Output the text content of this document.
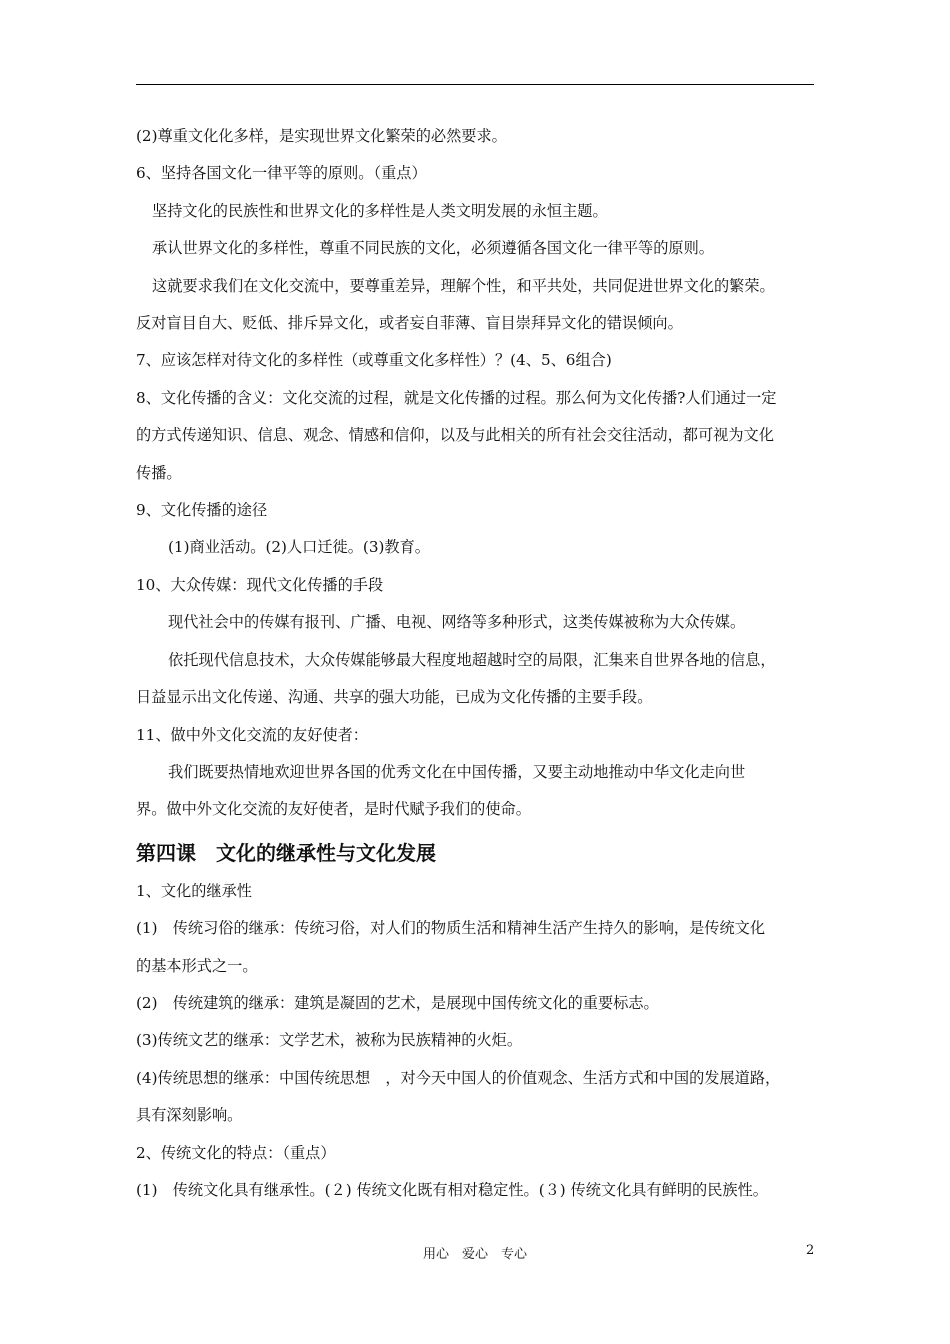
(2)尊重文化化多样，是实现世界文化繁荣的必然要求。

6、坚持各国文化一律平等的原则。（重点）

坚持文化的民族性和世界文化的多样性是人类文明发展的永恒主题。

承认世界文化的多样性，尊重不同民族的文化，必须遵循各国文化一律平等的原则。

这就要求我们在文化交流中，要尊重差异，理解个性，和平共处，共同促进世界文化的繁荣。

反对盲目自大、贬低、排斥异文化，或者妄自菲薄、盲目崇拜异文化的错误倾向。

7、应该怎样对待文化的多样性（或尊重文化多样性）？(4、5、6组合)

8、文化传播的含义：文化交流的过程，就是文化传播的过程。那么何为文化传播?人们通过一定

的方式传递知识、信息、观念、情感和信仰，以及与此相关的所有社会交往活动，都可视为文化

传播。

9、文化传播的途径

(1)商业活动。(2)人口迁徙。(3)教育。

10、大众传媒：现代文化传播的手段

现代社会中的传媒有报刊、广播、电视、网络等多种形式，这类传媒被称为大众传媒。

依托现代信息技术，大众传媒能够最大程度地超越时空的局限，汇集来自世界各地的信息，

日益显示出文化传递、沟通、共享的强大功能，已成为文化传播的主要手段。

11、做中外文化交流的友好使者：

我们既要热情地欢迎世界各国的优秀文化在中国传播，又要主动地推动中华文化走向世

界。做中外文化交流的友好使者，是时代赋予我们的使命。

第四课　文化的继承性与文化发展

1、文化的继承性

(1)　传统习俗的继承：传统习俗，对人们的物质生活和精神生活产生持久的影响，是传统文化

的基本形式之一。

(2)　传统建筑的继承：建筑是凝固的艺术，是展现中国传统文化的重要标志。

(3)传统文艺的继承：文学艺术，被称为民族精神的火炬。

(4)传统思想的继承：中国传统思想　，对今天中国人的价值观念、生活方式和中国的发展道路，

具有深刻影响。

2、传统文化的特点：（重点）

(1)　传统文化具有继承性。(２) 传统文化既有相对稳定性。(３) 传统文化具有鲜明的民族性。

用心　爱心　专心	2
